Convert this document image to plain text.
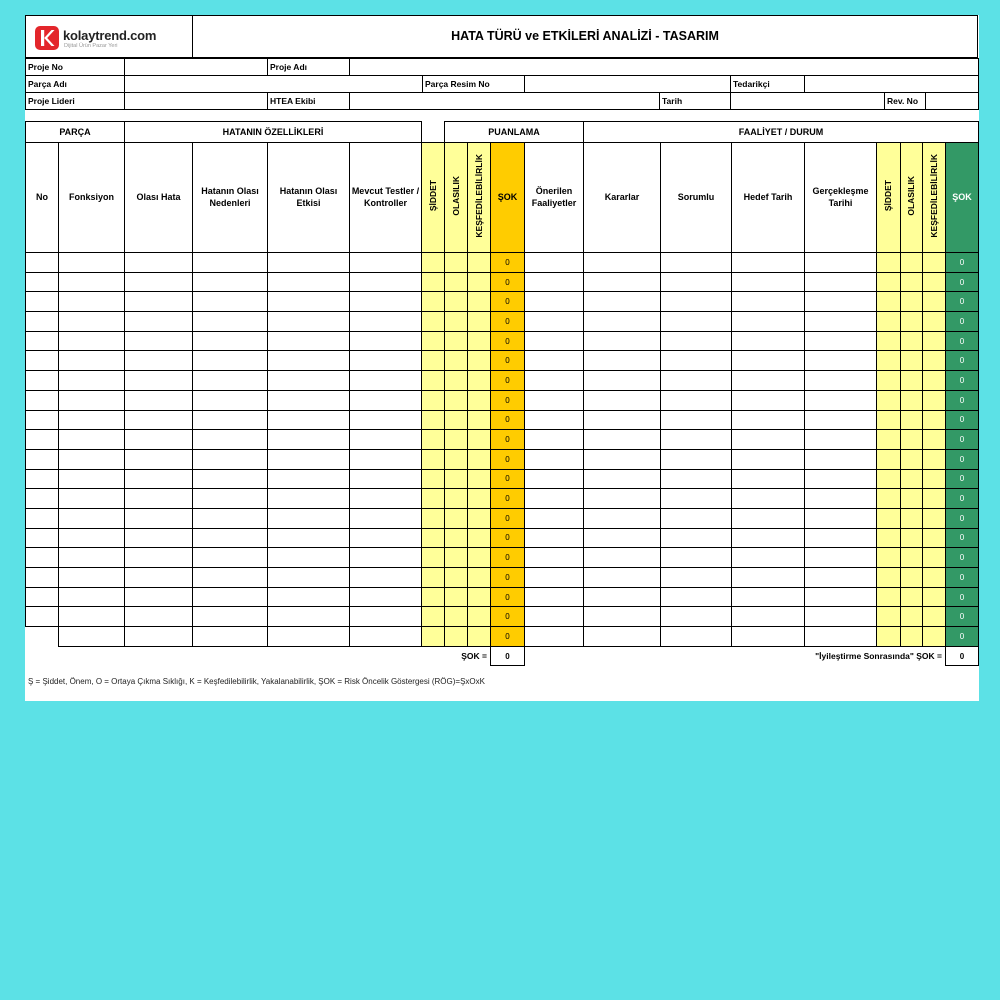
kolaytrend.com
Dijital Ürün Pazar Yeri
HATA TÜRÜ ve ETKİLERİ ANALİZİ - TASARIM
Proje No		Proje Adı								
Parça Adı				Parça Resim No			Tedarikçi			
Proje Lideri		HTEA Ekibi				Tarih			Rev. No	
PARÇA		HATANIN ÖZELLİKLERİ					PUANLAMA				FAALİYET / DURUM							
No	Fonksiyon	Olası Hata	Hatanın Olası Nedenleri	Hatanın Olası Etkisi	Mevcut Testler / Kontroller	ŞİDDET	OLASILIK	KEŞFEDİLEBİLİRLİK	ŞOK	Önerilen Faaliyetler	Kararlar	Sorumlu	Hedef Tarih	Gerçekleşme Tarihi	ŞİDDET	OLASILIK	KEŞFEDİLEBİLİRLİK	ŞOK
									0									0
									0									0
									0									0
									0									0
									0									0
									0									0
									0									0
									0									0
									0									0
									0									0
									0									0
									0									0
									0									0
									0									0
									0									0
									0									0
									0									0
									0									0
									0									0
									0									0
ŞOK =									0	"İyileştirme Sonrasında" ŞOK =								0
Ş = Şiddet, Önem, O = Ortaya Çıkma Sıklığı, K = Keşfedilebilirlik, Yakalanabilirlik, ŞOK = Risk Öncelik Göstergesi (RÖG)=ŞxOxK
